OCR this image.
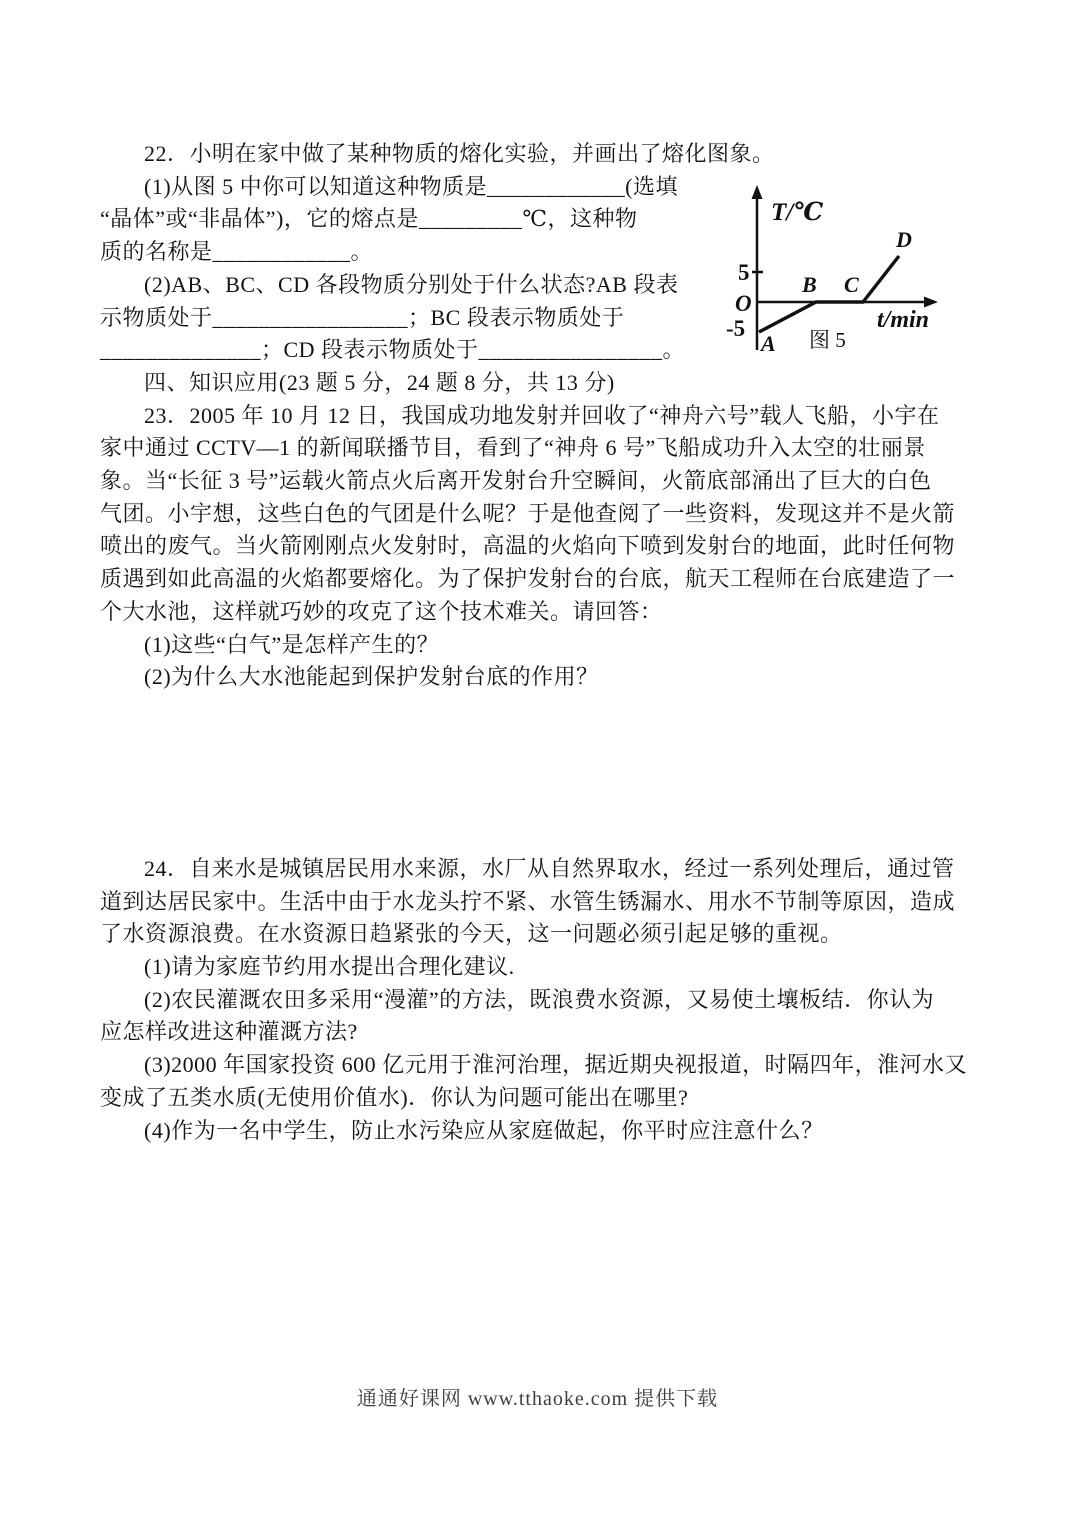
22．小明在家中做了某种物质的熔化实验，并画出了熔化图象。
(1)从图 5 中你可以知道这种物质是____________(选填
“晶体”或“非晶体”)，它的熔点是_________℃，这种物
质的名称是____________。
(2)AB、BC、CD 各段物质分别处于什么状态?AB 段表
示物质处于_________________；BC 段表示物质处于
______________；CD 段表示物质处于________________。
四、知识应用(23 题 5 分，24 题 8 分，共 13 分)
23．2005 年 10 月 12 日，我国成功地发射并回收了“神舟六号”载人飞船，小宇在
家中通过 CCTV—1 的新闻联播节目，看到了“神舟 6 号”飞船成功升入太空的壮丽景
象。当“长征 3 号”运载火箭点火后离开发射台升空瞬间，火箭底部涌出了巨大的白色
气团。小宇想，这些白色的气团是什么呢？于是他查阅了一些资料，发现这并不是火箭
喷出的废气。当火箭刚刚点火发射时，高温的火焰向下喷到发射台的地面，此时任何物
质遇到如此高温的火焰都要熔化。为了保护发射台的台底，航天工程师在台底建造了一
个大水池，这样就巧妙的攻克了这个技术难关。请回答：
(1)这些“白气”是怎样产生的？
(2)为什么大水池能起到保护发射台底的作用？
24．自来水是城镇居民用水来源，水厂从自然界取水，经过一系列处理后，通过管
道到达居民家中。生活中由于水龙头拧不紧、水管生锈漏水、用水不节制等原因，造成
了水资源浪费。在水资源日趋紧张的今天，这一问题必须引起足够的重视。
(1)请为家庭节约用水提出合理化建议.
(2)农民灌溉农田多采用“漫灌”的方法，既浪费水资源，又易使土壤板结．你认为
应怎样改进这种灌溉方法?
(3)2000 年国家投资 600 亿元用于淮河治理，据近期央视报道，时隔四年，淮河水又
变成了五类水质(无使用价值水)．你认为问题可能出在哪里?
(4)作为一名中学生，防止水污染应从家庭做起，你平时应注意什么？
T/℃
t/min
5
O
-5
A
B C
D
图 5
通通好课网 www.tthaoke.com 提供下载
